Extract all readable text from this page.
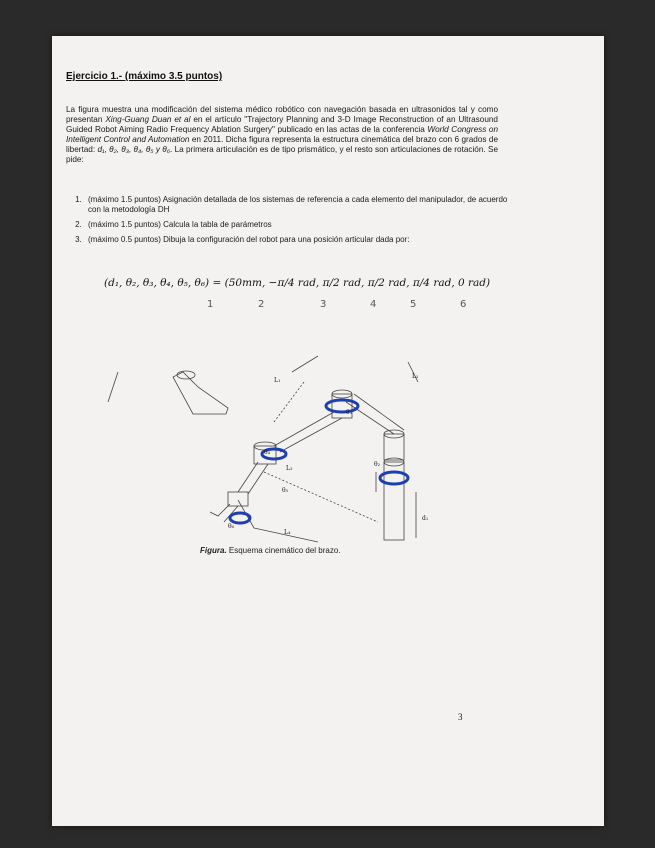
Ejercicio 1.- (máximo 3.5 puntos)
La figura muestra una modificación del sistema médico robótico con navegación basada en ultrasonidos tal y como presentan Xing-Guang Duan et al en el artículo "Trajectory Planning and 3-D Image Reconstruction of an Ultrasound Guided Robot Aiming Radio Frequency Ablation Surgery" publicado en las actas de la conferencia World Congress on Intelligent Control and Automation en 2011. Dicha figura representa la estructura cinemática del brazo con 6 grados de libertad: d₁, θ₂, θ₃, θ₄, θ₅ y θ₆. La primera articulación es de tipo prismático, y el resto son articulaciones de rotación. Se pide:
1. (máximo 1.5 puntos) Asignación detallada de los sistemas de referencia a cada elemento del manipulador, de acuerdo con la metodología DH
2. (máximo 1.5 puntos) Calcula la tabla de parámetros
3. (máximo 0.5 puntos) Dibuja la configuración del robot para una posición articular dada por:
(d₁, θ₂, θ₃, θ₄, θ₅, θ₆) = (50mm, −π/4 rad, π/2 rad, π/2 rad, π/4 rad, 0 rad)
1	2	3	4	5	6
L₁
L₂
L₃
L₄
d₁
θ₂
θ₃
θ₄
θ₅
θ₆
Figura. Esquema cinemático del brazo.
3
